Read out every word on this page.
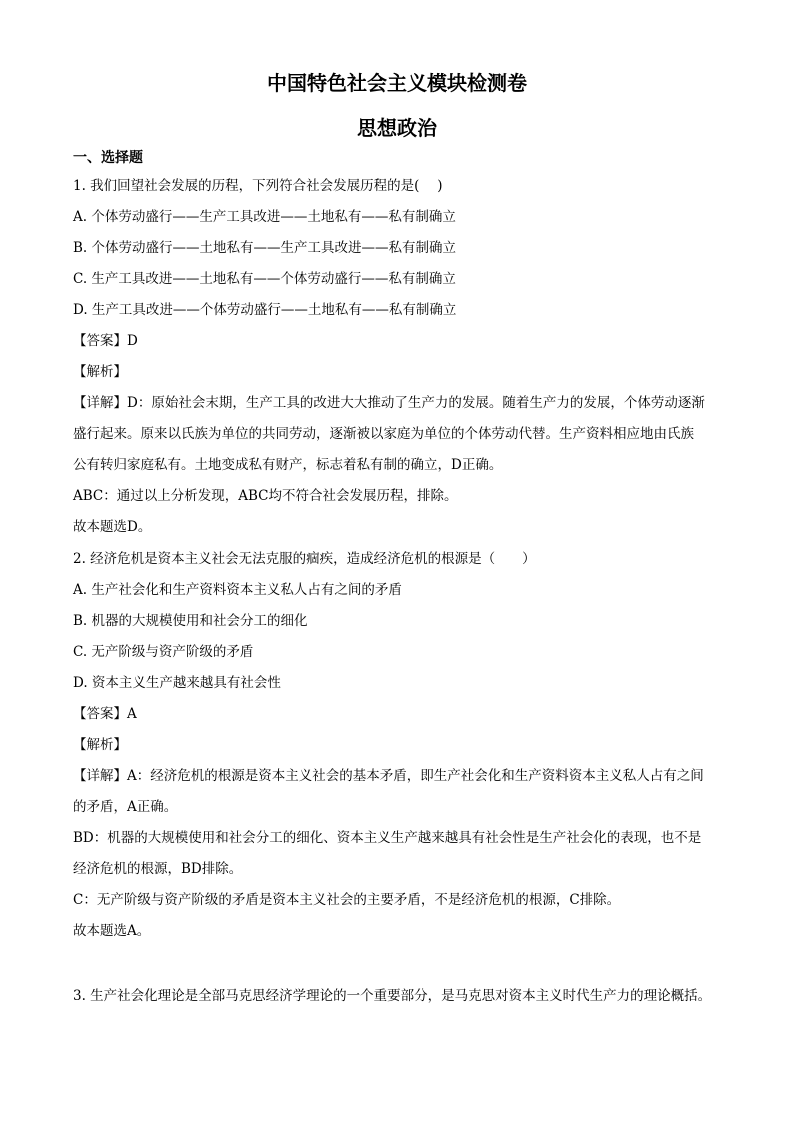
中国特色社会主义模块检测卷
思想政治
一、选择题
1. 我们回望社会发展的历程，下列符合社会发展历程的是(　 )
A. 个体劳动盛行——生产工具改进——土地私有——私有制确立
B. 个体劳动盛行——土地私有——生产工具改进——私有制确立
C. 生产工具改进——土地私有——个体劳动盛行——私有制确立
D. 生产工具改进——个体劳动盛行——土地私有——私有制确立
【答案】D
【解析】
【详解】D：原始社会末期，生产工具的改进大大推动了生产力的发展。随着生产力的发展，个体劳动逐渐
盛行起来。原来以氏族为单位的共同劳动，逐渐被以家庭为单位的个体劳动代替。生产资料相应地由氏族
公有转归家庭私有。土地变成私有财产，标志着私有制的确立，D正确。
ABC：通过以上分析发现，ABC均不符合社会发展历程，排除。
故本题选D。
2. 经济危机是资本主义社会无法克服的痼疾，造成经济危机的根源是（　　）
A. 生产社会化和生产资料资本主义私人占有之间的矛盾
B. 机器的大规模使用和社会分工的细化
C. 无产阶级与资产阶级的矛盾
D. 资本主义生产越来越具有社会性
【答案】A
【解析】
【详解】A：经济危机的根源是资本主义社会的基本矛盾，即生产社会化和生产资料资本主义私人占有之间
的矛盾，A正确。
BD：机器的大规模使用和社会分工的细化、资本主义生产越来越具有社会性是生产社会化的表现，也不是
经济危机的根源，BD排除。
C：无产阶级与资产阶级的矛盾是资本主义社会的主要矛盾，不是经济危机的根源，C排除。
故本题选A。
3. 生产社会化理论是全部马克思经济学理论的一个重要部分，是马克思对资本主义时代生产力的理论概括。
